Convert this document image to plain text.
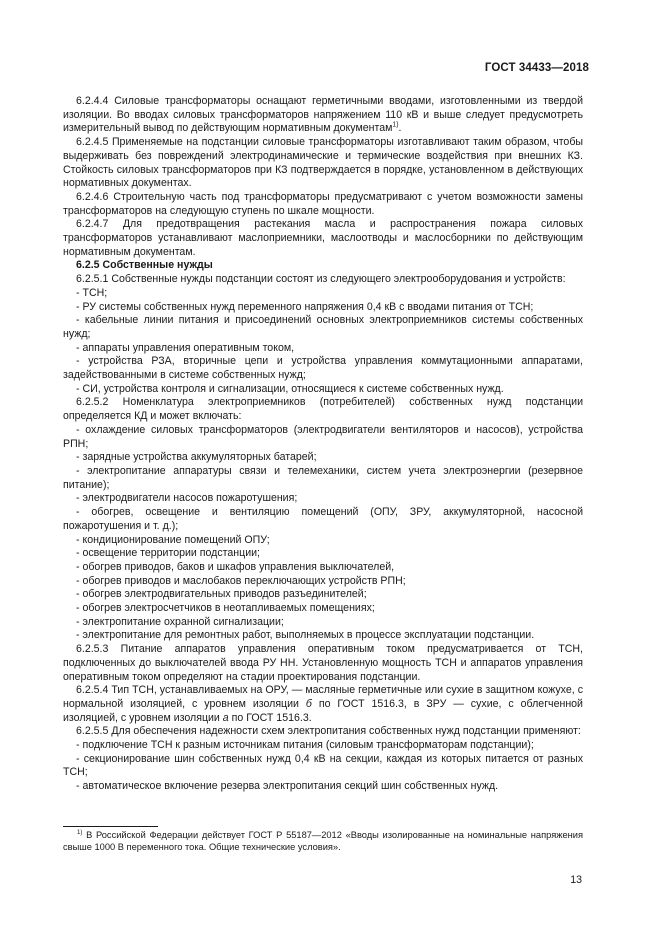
ГОСТ 34433—2018

6.2.4.4 Силовые трансформаторы оснащают герметичными вводами, изготовленными из твердой изоляции. Во вводах силовых трансформаторов напряжением 110 кВ и выше следует предусмотреть измерительный вывод по действующим нормативным документам$^{1)}$.

6.2.4.5 Применяемые на подстанции силовые трансформаторы изготавливают таким образом, чтобы выдерживать без повреждений электродинамические и термические воздействия при внешних КЗ. Стойкость силовых трансформаторов при КЗ подтверждается в порядке, установленном в действующих нормативных документах.

6.2.4.6 Строительную часть под трансформаторы предусматривают с учетом возможности замены трансформаторов на следующую ступень по шкале мощности.

6.2.4.7 Для предотвращения растекания масла и распространения пожара силовых трансформаторов устанавливают маслоприемники, маслоотводы и маслосборники по действующим нормативным документам.

6.2.5 Собственные нужды

6.2.5.1 Собственные нужды подстанции состоят из следующего электрооборудования и устройств:

- ТСН;

- РУ системы собственных нужд переменного напряжения 0,4 кВ с вводами питания от ТСН;

- кабельные линии питания и присоединений основных электроприемников системы собственных нужд;

- аппараты управления оперативным током,

- устройства РЗА, вторичные цепи и устройства управления коммутационными аппаратами, задействованными в системе собственных нужд;

- СИ, устройства контроля и сигнализации, относящиеся к системе собственных нужд.

6.2.5.2 Номенклатура электроприемников (потребителей) собственных нужд подстанции определяется КД и может включать:

- охлаждение силовых трансформаторов (электродвигатели вентиляторов и насосов), устройства РПН;

- зарядные устройства аккумуляторных батарей;

- электропитание аппаратуры связи и телемеханики, систем учета электроэнергии (резервное питание);

- электродвигатели насосов пожаротушения;

- обогрев, освещение и вентиляцию помещений (ОПУ, ЗРУ, аккумуляторной, насосной пожаротушения и т. д.);

- кондиционирование помещений ОПУ;

- освещение территории подстанции;

- обогрев приводов, баков и шкафов управления выключателей,

- обогрев приводов и маслобаков переключающих устройств РПН;

- обогрев электродвигательных приводов разъединителей;

- обогрев электросчетчиков в неотапливаемых помещениях;

- электропитание охранной сигнализации;

- электропитание для ремонтных работ, выполняемых в процессе эксплуатации подстанции.

6.2.5.3 Питание аппаратов управления оперативным током предусматривается от ТСН, подключенных до выключателей ввода РУ НН. Установленную мощность ТСН и аппаратов управления оперативным током определяют на стадии проектирования подстанции.

6.2.5.4 Тип ТСН, устанавливаемых на ОРУ, — масляные герметичные или сухие в защитном кожухе, с нормальной изоляцией, с уровнем изоляции б по ГОСТ 1516.3, в ЗРУ — сухие, с облегченной изоляцией, с уровнем изоляции а по ГОСТ 1516.3.

6.2.5.5 Для обеспечения надежности схем электропитания собственных нужд подстанции применяют:

- подключение ТСН к разным источникам питания (силовым трансформаторам подстанции);

- секционирование шин собственных нужд 0,4 кВ на секции, каждая из которых питается от разных ТСН;

- автоматическое включение резерва электропитания секций шин собственных нужд.

$^{1)}$ В Российской Федерации действует ГОСТ Р 55187—2012 «Вводы изолированные на номинальные напряжения свыше 1000 В переменного тока. Общие технические условия».
13
